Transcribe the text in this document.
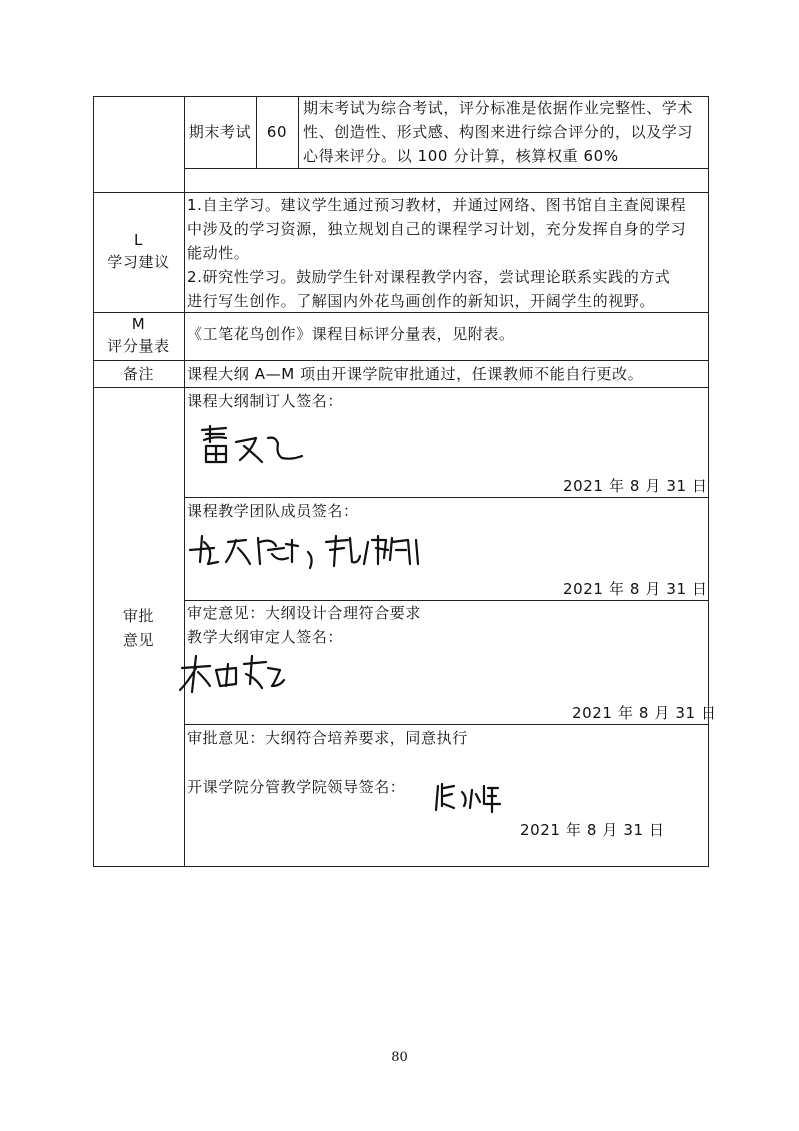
期末考试	60
期末考试为综合考试，评分标准是依据作业完整性、学术
性、创造性、形式感、构图来进行综合评分的，以及学习
心得来评分。以 100 分计算，核算权重 60%
L
学习建议
1.自主学习。建议学生通过预习教材，并通过网络、图书馆自主查阅课程
中涉及的学习资源，独立规划自己的课程学习计划，充分发挥自身的学习
能动性。
2.研究性学习。鼓励学生针对课程教学内容，尝试理论联系实践的方式
进行写生创作。了解国内外花鸟画创作的新知识，开阔学生的视野。
M
评分量表
《工笔花鸟创作》课程目标评分量表，见附表。
备注	课程大纲 A—M 项由开课学院审批通过，任课教师不能自行更改。
审批
意见
课程大纲制订人签名：
2021 年 8 月 31 日
课程教学团队成员签名：
2021 年 8 月 31 日
审定意见：大纲设计合理符合要求
教学大纲审定人签名：
2021 年 8 月 31 日
审批意见：大纲符合培养要求，同意执行
开课学院分管教学院领导签名：
2021 年 8 月 31 日
80
